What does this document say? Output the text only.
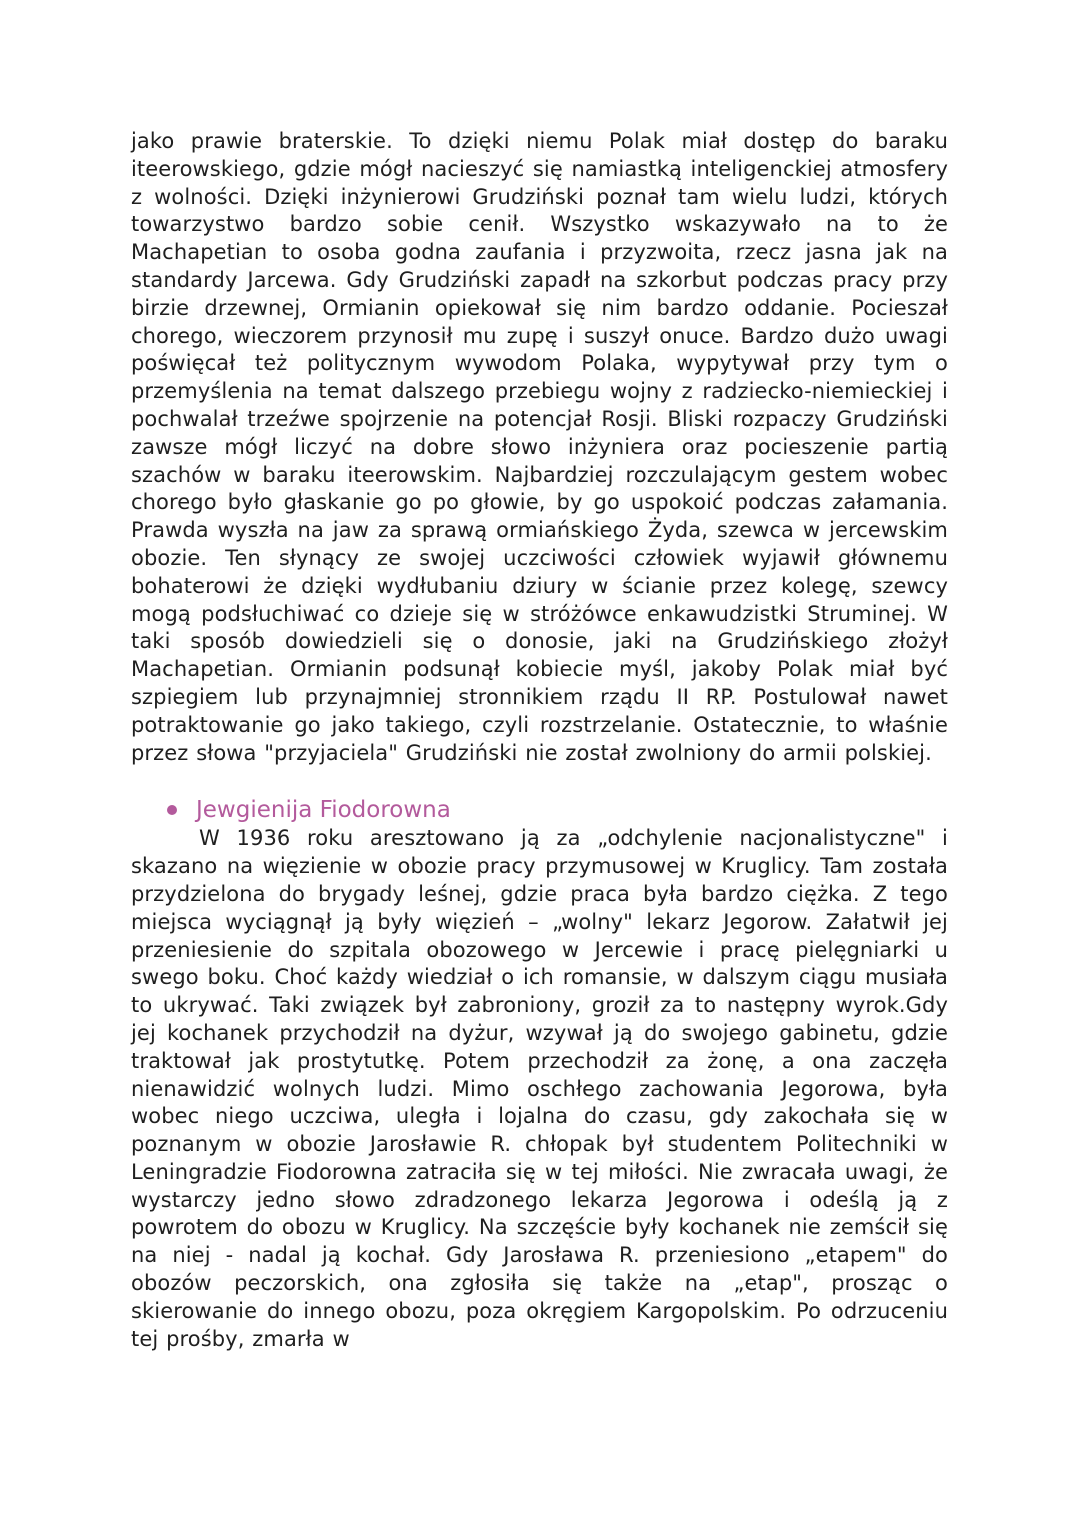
jako prawie braterskie. To dzięki niemu Polak miał dostęp do baraku iteerowskiego, gdzie mógł nacieszyć się namiastką inteligenckiej atmosfery z wolności. Dzięki inżynierowi Grudziński poznał tam wielu ludzi, których towarzystwo bardzo sobie cenił. Wszystko wskazywało na to że Machapetian to osoba godna zaufania i przyzwoita, rzecz jasna jak na standardy Jarcewa. Gdy Grudziński zapadł na szkorbut podczas pracy przy birzie drzewnej, Ormianin opiekował się nim bardzo oddanie. Pocieszał chorego, wieczorem przynosił mu zupę i suszył onuce. Bardzo dużo uwagi poświęcał też politycznym wywodom Polaka, wypytywał przy tym o przemyślenia na temat dalszego przebiegu wojny z radziecko-niemieckiej i pochwalał trzeźwe spojrzenie na potencjał Rosji. Bliski rozpaczy Grudziński zawsze mógł liczyć na dobre słowo inżyniera oraz pocieszenie partią szachów w baraku iteerowskim. Najbardziej rozczulającym gestem wobec chorego było głaskanie go po głowie, by go uspokoić podczas załamania. Prawda wyszła na jaw za sprawą ormiańskiego Żyda, szewca w jercewskim obozie. Ten słynący ze swojej uczciwości człowiek wyjawił głównemu bohaterowi że dzięki wydłubaniu dziury w ścianie przez kolegę, szewcy mogą podsłuchiwać co dzieje się w stróżówce enkawudzistki Struminej. W taki sposób dowiedzieli się o donosie, jaki na Grudzińskiego złożył Machapetian. Ormianin podsunął kobiecie myśl, jakoby Polak miał być szpiegiem lub przynajmniej stronnikiem rządu II RP. Postulował nawet potraktowanie go jako takiego, czyli rozstrzelanie. Ostatecznie, to właśnie przez słowa "przyjaciela" Grudziński nie został zwolniony do armii polskiej.

Jewgienija Fiodorowna

W 1936 roku aresztowano ją za „odchylenie nacjonalistyczne" i skazano na więzienie w obozie pracy przymusowej w Kruglicy. Tam została przydzielona do brygady leśnej, gdzie praca była bardzo ciężka. Z tego miejsca wyciągnął ją były więzień – „wolny" lekarz Jegorow. Załatwił jej przeniesienie do szpitala obozowego w Jercewie i pracę pielęgniarki u swego boku. Choć każdy wiedział o ich romansie, w dalszym ciągu musiała to ukrywać. Taki związek był zabroniony, groził za to następny wyrok.Gdy jej kochanek przychodził na dyżur, wzywał ją do swojego gabinetu, gdzie traktował jak prostytutkę. Potem przechodził za żonę, a ona zaczęła nienawidzić wolnych ludzi. Mimo oschłego zachowania Jegorowa, była wobec niego uczciwa, uległa i lojalna do czasu, gdy zakochała się w poznanym w obozie Jarosławie R. chłopak był studentem Politechniki w Leningradzie Fiodorowna zatraciła się w tej miłości. Nie zwracała uwagi, że wystarczy jedno słowo zdradzonego lekarza Jegorowa i odeślą ją z powrotem do obozu w Kruglicy. Na szczęście były kochanek nie zemścił się na niej - nadal ją kochał. Gdy Jarosława R. przeniesiono „etapem" do obozów peczorskich, ona zgłosiła się także na „etap", prosząc o skierowanie do innego obozu, poza okręgiem Kargopolskim. Po odrzuceniu tej prośby, zmarła w
